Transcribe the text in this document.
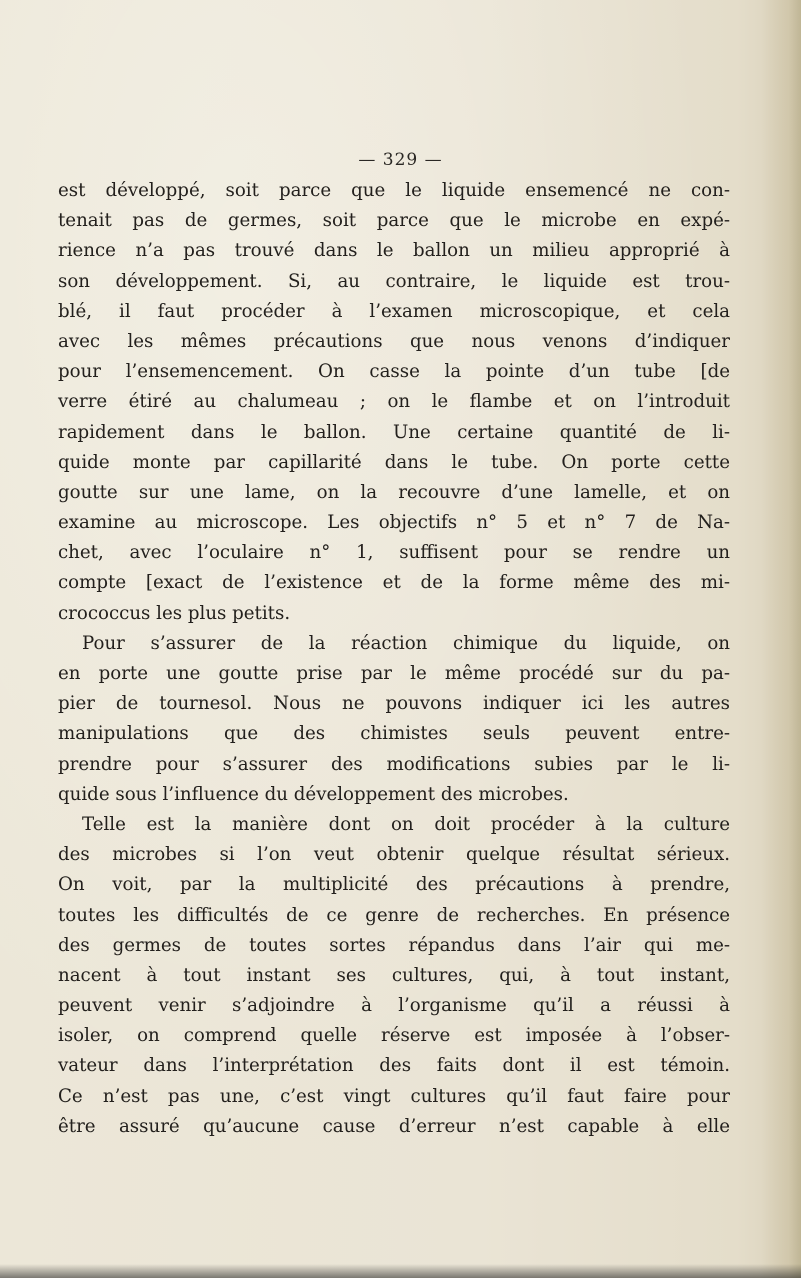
— 329 —
est développé, soit parce que le liquide ensemencé ne con-
tenait pas de germes, soit parce que le microbe en expé-
rience n’a pas trouvé dans le ballon un milieu approprié à
son développement. Si, au contraire, le liquide est trou-
blé, il faut procéder à l’examen microscopique, et cela
avec les mêmes précautions que nous venons d’indiquer
pour l’ensemencement. On casse la pointe d’un tube [de
verre étiré au chalumeau ; on le flambe et on l’introduit
rapidement dans le ballon. Une certaine quantité de li-
quide monte par capillarité dans le tube. On porte cette
goutte sur une lame, on la recouvre d’une lamelle, et on
examine au microscope. Les objectifs n° 5 et n° 7 de Na-
chet, avec l’oculaire n° 1, suffisent pour se rendre un
compte [exact de l’existence et de la forme même des mi-
crococcus les plus petits.
Pour s’assurer de la réaction chimique du liquide, on
en porte une goutte prise par le même procédé sur du pa-
pier de tournesol. Nous ne pouvons indiquer ici les autres
manipulations que des chimistes seuls peuvent entre-
prendre pour s’assurer des modifications subies par le li-
quide sous l’influence du développement des microbes.
Telle est la manière dont on doit procéder à la culture
des microbes si l’on veut obtenir quelque résultat sérieux.
On voit, par la multiplicité des précautions à prendre,
toutes les difficultés de ce genre de recherches. En présence
des germes de toutes sortes répandus dans l’air qui me-
nacent à tout instant ses cultures, qui, à tout instant,
peuvent venir s’adjoindre à l’organisme qu’il a réussi à
isoler, on comprend quelle réserve est imposée à l’obser-
vateur dans l’interprétation des faits dont il est témoin.
Ce n’est pas une, c’est vingt cultures qu’il faut faire pour
être assuré qu’aucune cause d’erreur n’est capable à elle
